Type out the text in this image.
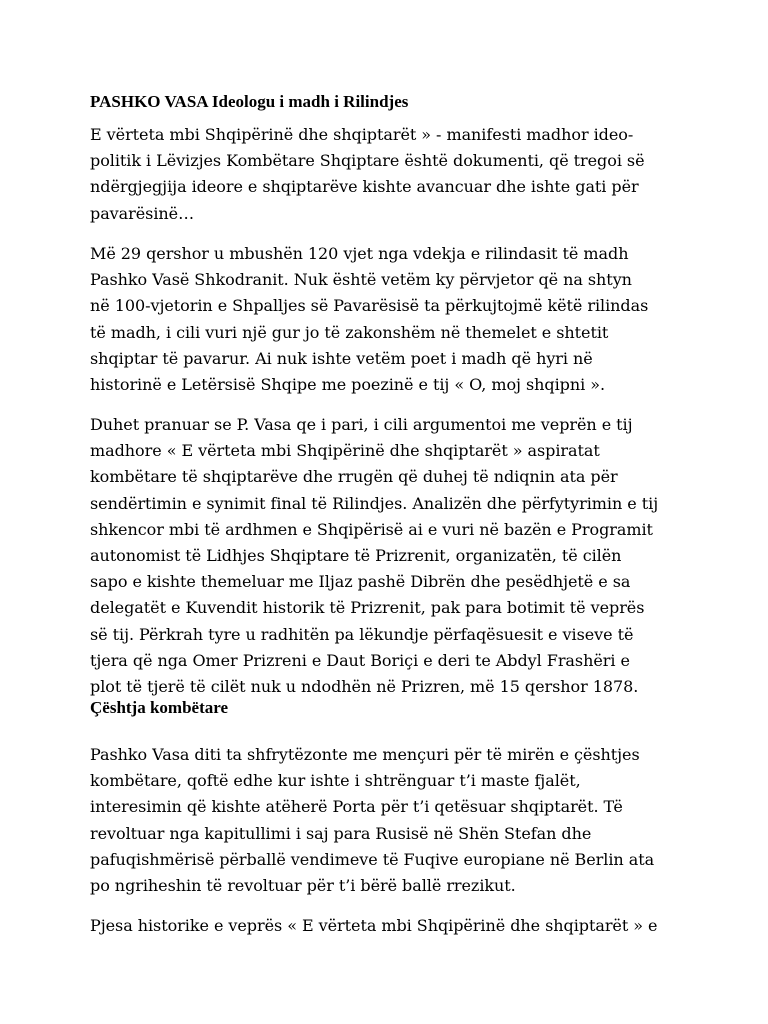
PASHKO VASA Ideologu i madh i Rilindjes
E vërteta mbi Shqipërinë dhe shqiptarët » - manifesti madhor ideo-
politik i Lëvizjes Kombëtare Shqiptare është dokumenti, që tregoi së
ndërgjegjija ideore e shqiptarëve kishte avancuar dhe ishte gati për
pavarësinë…
Më 29 qershor u mbushën 120 vjet nga vdekja e rilindasit të madh
Pashko Vasë Shkodranit. Nuk është vetëm ky përvjetor që na shtyn
në 100-vjetorin e Shpalljes së Pavarësisë ta përkujtojmë këtë rilindas
të madh, i cili vuri një gur jo të zakonshëm në themelet e shtetit
shqiptar të pavarur. Ai nuk ishte vetëm poet i madh që hyri në
historinë e Letërsisë Shqipe me poezinë e tij « O, moj shqipni ».
Duhet pranuar se P. Vasa qe i pari, i cili argumentoi me veprën e tij
madhore « E vërteta mbi Shqipërinë dhe shqiptarët » aspiratat
kombëtare të shqiptarëve dhe rrugën që duhej të ndiqnin ata për
sendërtimin e synimit final të Rilindjes. Analizën dhe përfytyrimin e tij
shkencor mbi të ardhmen e Shqipërisë ai e vuri në bazën e Programit
autonomist të Lidhjes Shqiptare të Prizrenit, organizatën, të cilën
sapo e kishte themeluar me Iljaz pashë Dibrën dhe pesëdhjetë e sa
delegatët e Kuvendit historik të Prizrenit, pak para botimit të veprës
së tij. Përkrah tyre u radhitën pa lëkundje përfaqësuesit e viseve të
tjera që nga Omer Prizreni e Daut Boriçi e deri te Abdyl Frashëri e
plot të tjerë të cilët nuk u ndodhën në Prizren, më 15 qershor 1878.
Çështja kombëtare
Pashko Vasa diti ta shfrytëzonte me mençuri për të mirën e çështjes
kombëtare, qoftë edhe kur ishte i shtrënguar t’i maste fjalët,
interesimin që kishte atëherë Porta për t’i qetësuar shqiptarët. Të
revoltuar nga kapitullimi i saj para Rusisë në Shën Stefan dhe
pafuqishmërisë përballë vendimeve të Fuqive europiane në Berlin ata
po ngriheshin të revoltuar për t’i bërë ballë rrezikut.
Pjesa historike e veprës « E vërteta mbi Shqipërinë dhe shqiptarët » e
